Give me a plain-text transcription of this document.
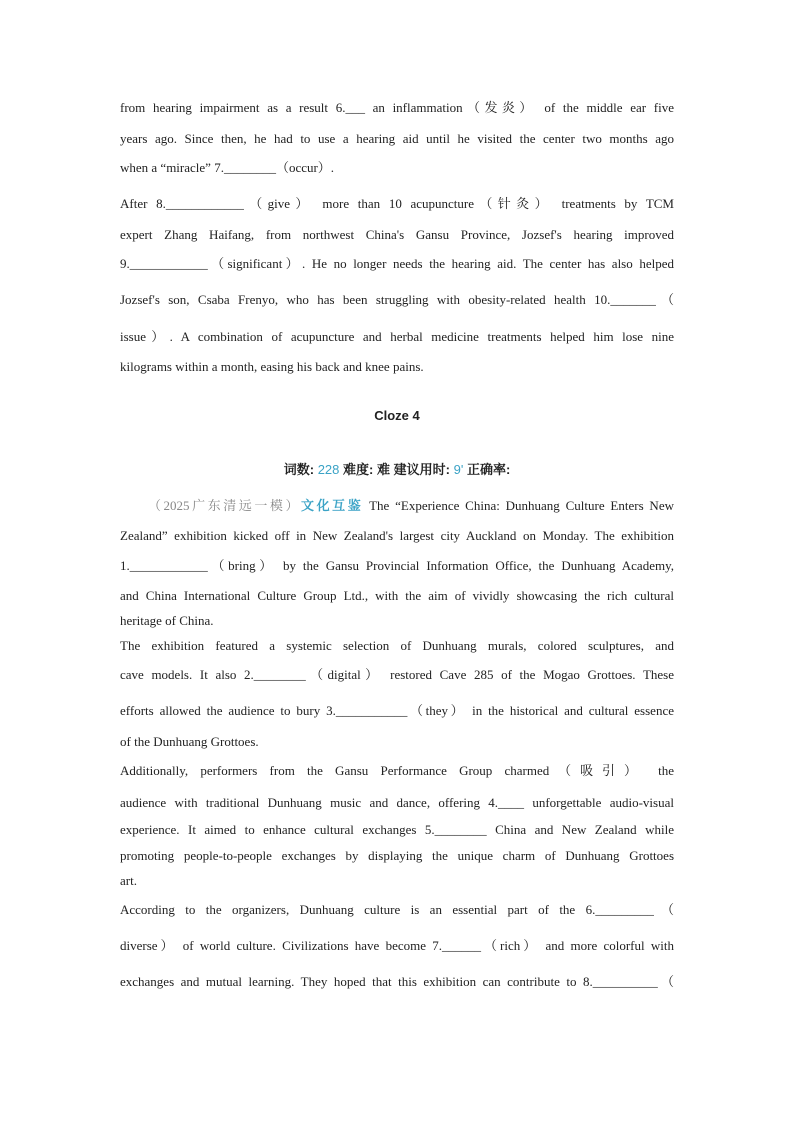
from hearing impairment as a result 6.___ an inflammation（发炎） of the middle ear five
years ago. Since then, he had to use a hearing aid until he visited the center two months ago
when a “miracle” 7.________（occur）.
After 8.____________（give） more than 10 acupuncture（针灸） treatments by TCM
expert Zhang Haifang, from northwest China's Gansu Province, Jozsef's hearing improved
9.____________（significant）. He no longer needs the hearing aid. The center has also helped
Jozsef's son, Csaba Frenyo, who has been struggling with obesity-related health 10._______（
issue）. A combination of acupuncture and herbal medicine treatments helped him lose nine
kilograms within a month, easing his back and knee pains.
Cloze 4
词数: 228 难度: 难 建议用时: 9' 正确率:
（2025广东清远一模）文化互鉴 The “Experience China: Dunhuang Culture Enters New
Zealand” exhibition kicked off in New Zealand's largest city Auckland on Monday. The exhibition
1.____________（bring） by the Gansu Provincial Information Office, the Dunhuang Academy,
and China International Culture Group Ltd., with the aim of vividly showcasing the rich cultural
heritage of China.
The exhibition featured a systemic selection of Dunhuang murals, colored sculptures, and
cave models. It also 2.________（digital） restored Cave 285 of the Mogao Grottoes. These
efforts allowed the audience to bury 3.___________（they） in the historical and cultural essence
of the Dunhuang Grottoes.
Additionally, performers from the Gansu Performance Group charmed（吸引） the
audience with traditional Dunhuang music and dance, offering 4.____ unforgettable audio-visual
experience. It aimed to enhance cultural exchanges 5.________ China and New Zealand while
promoting people-to-people exchanges by displaying the unique charm of Dunhuang Grottoes
art.
According to the organizers, Dunhuang culture is an essential part of the 6._________（
diverse） of world culture. Civilizations have become 7.______（rich） and more colorful with
exchanges and mutual learning. They hoped that this exhibition can contribute to 8.__________（
